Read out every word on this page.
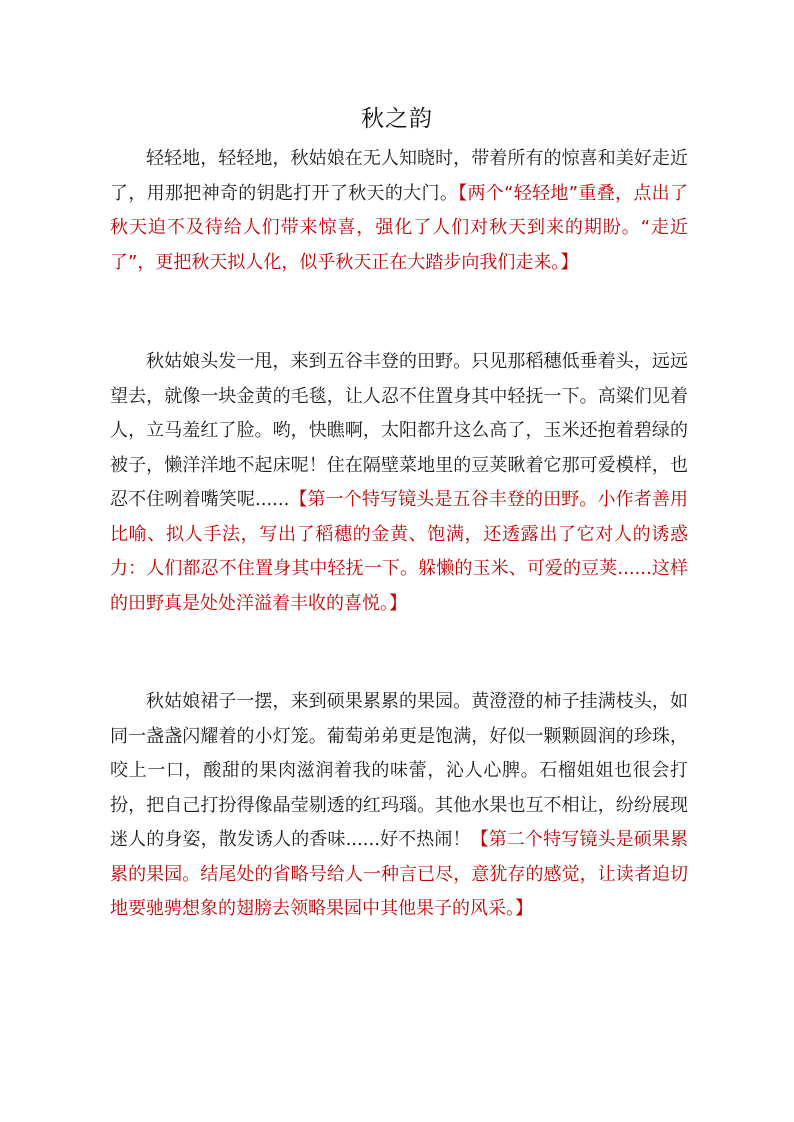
秋之韵

轻轻地，轻轻地，秋姑娘在无人知晓时，带着所有的惊喜和美好走近了，用那把神奇的钥匙打开了秋天的大门。【两个“轻轻地”重叠，点出了秋天迫不及待给人们带来惊喜，强化了人们对秋天到来的期盼。“走近了”，更把秋天拟人化，似乎秋天正在大踏步向我们走来。】

秋姑娘头发一甩，来到五谷丰登的田野。只见那稻穗低垂着头，远远望去，就像一块金黄的毛毯，让人忍不住置身其中轻抚一下。高粱们见着人，立马羞红了脸。哟，快瞧啊，太阳都升这么高了，玉米还抱着碧绿的被子，懒洋洋地不起床呢！住在隔壁菜地里的豆荚瞅着它那可爱模样，也忍不住咧着嘴笑呢......【第一个特写镜头是五谷丰登的田野。小作者善用比喻、拟人手法，写出了稻穗的金黄、饱满，还透露出了它对人的诱惑力：人们都忍不住置身其中轻抚一下。躲懒的玉米、可爱的豆荚......这样的田野真是处处洋溢着丰收的喜悦。】

秋姑娘裙子一摆，来到硕果累累的果园。黄澄澄的柿子挂满枝头，如同一盏盏闪耀着的小灯笼。葡萄弟弟更是饱满，好似一颗颗圆润的珍珠，咬上一口，酸甜的果肉滋润着我的味蕾，沁人心脾。石榴姐姐也很会打扮，把自己打扮得像晶莹剔透的红玛瑙。其他水果也互不相让，纷纷展现迷人的身姿，散发诱人的香味......好不热闹！【第二个特写镜头是硕果累累的果园。结尾处的省略号给人一种言已尽，意犹存的感觉，让读者迫切地要驰骋想象的翅膀去领略果园中其他果子的风采。】
